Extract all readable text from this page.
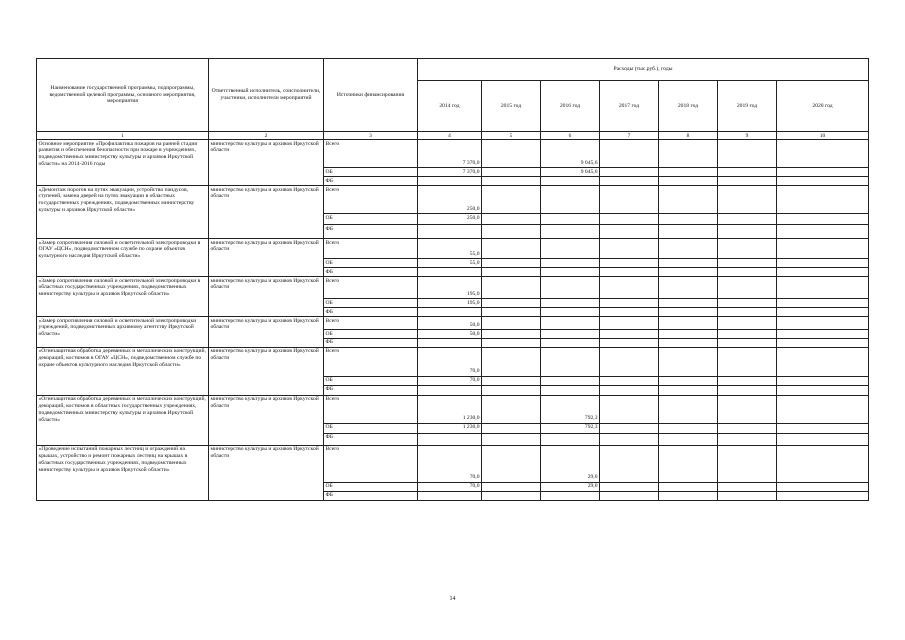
Наименование государственной программы, подпрограммы, ведомственной целевой программы, основного мероприятия, мероприятия	Ответственный исполнитель, соисполнители, участники, исполнители мероприятий	Источники финансирования	Расходы (тыс.руб.), годы						
			2014 год	2015 год	2016 год	2017 год	2018 год	2019 год	2020 год
1	2	3	4	5	6	7	8	9	10
Основное мероприятие «Профилактика пожаров на ранней стадии развития и обеспечения безопасности при пожаре в учреждениях, подведомственных министерству культуры и архивов Иркутской области» на 2014-2016 годы	министерство культуры и архивов Иркутской области	Всего	7 370,0		9 045,6				
		ОБ	7 370,0		9 045,6				
		ФБ							
«Демонтаж порогов на путях эвакуации, устройство пандусов, ступеней, замена дверей на путях эвакуации в областных государственных учреждениях, подведомственных министерству культуры и архивов Иркутской области»	министерство культуры и архивов Иркутской области	Всего	250,0						
		ОБ	250,0						
		ФБ							
«Замер сопротивления силовой и осветительной электропроводки в ОГАУ «ЦСН», подведомственном службе по охране объектов культурного наследия Иркутской области»	министерство культуры и архивов Иркутской области	Всего	55,0						
		ОБ	55,0						
		ФБ							
«Замер сопротивления силовой и осветительной электропроводки в областных государственных учреждениях, подведомственных министерству культуры и архивов Иркутской области»	министерство культуры и архивов Иркутской области	Всего	195,0						
		ОБ	195,0						
		ФБ							
«Замер сопротивления силовой и осветительной электропроводки учреждений, подведомственных архивному агентству Иркутской области»	министерство культуры и архивов Иркутской области	Всего	50,0						
		ОБ	50,0						
		ФБ							
«Огнезащитная обработка деревянных и металлических конструкций, декораций, костюмов в ОГАУ «ЦСН», подведомственном службе по охране объектов культурного наследия Иркутской области»	министерство культуры и архивов Иркутской области	Всего	70,0						
		ОБ	70,0						
		ФБ							
«Огнезащитная обработка деревянных и металлических конструкций, декораций, костюмов в областных государственных учреждениях, подведомственных министерству культуры и архивов Иркутской области»	министерство культуры и архивов Иркутской области	Всего	1 230,0		792,3				
		ОБ	1 230,0		792,3				
		ФБ							
«Проведение испытаний пожарных лестниц и ограждений на крышах, устройство и ремонт пожарных лестниц на крышах в областных государственных учреждениях, подведомственных министерству культуры и архивов Иркутской области»	министерство культуры и архивов Иркутской области	Всего	70,0		29,0				
		ОБ	70,0		29,0				
		ФБ							
14
